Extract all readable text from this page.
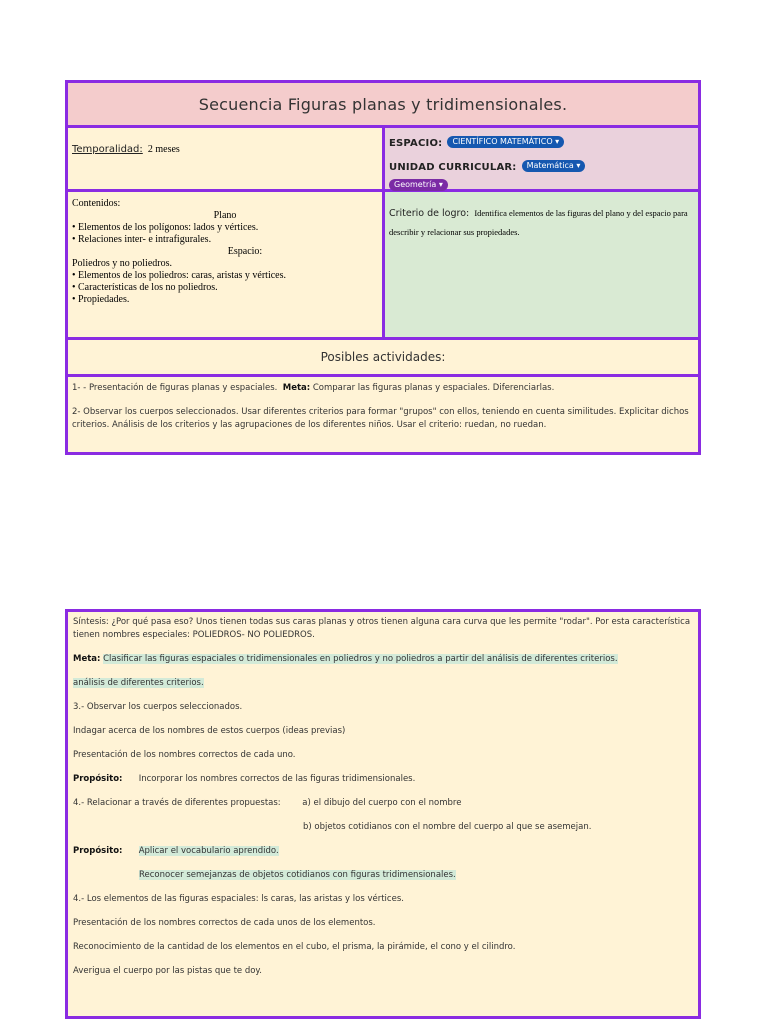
Secuencia Figuras planas y tridimensionales.
Temporalidad: 2 meses
ESPACIO: CIENTÍFICO MATEMÁTICO ▾
UNIDAD CURRICULAR: Matemática ▾
Geometría ▾
Contenidos:
Plano
• Elementos de los polígonos: lados y vértices.
• Relaciones inter- e intrafigurales.
Espacio:
Poliedros y no poliedros.
• Elementos de los poliedros: caras, aristas y vértices.
• Características de los no poliedros.
• Propiedades.
Criterio de logro: Identifica elementos de las figuras del plano y del espacio para describir y relacionar sus propiedades.
Posibles actividades:

1- - Presentación de figuras planas y espaciales. Meta: Comparar las figuras planas y espaciales. Diferenciarlas.

2- Observar los cuerpos seleccionados. Usar diferentes criterios para formar "grupos" con ellos, teniendo en cuenta similitudes. Explicitar dichos criterios. Análisis de los criterios y las agrupaciones de los diferentes niños. Usar el criterio: ruedan, no ruedan.

Síntesis: ¿Por qué pasa eso? Unos tienen todas sus caras planas y otros tienen alguna cara curva que les permite "rodar". Por esta característica tienen nombres especiales: POLIEDROS- NO POLIEDROS.

Meta: Clasificar las figuras espaciales o tridimensionales en poliedros y no poliedros a partir del análisis de diferentes criterios.

análisis de diferentes criterios.

3.- Observar los cuerpos seleccionados.

Indagar acerca de los nombres de estos cuerpos (ideas previas)

Presentación de los nombres correctos de cada uno.

Propósito: Incorporar los nombres correctos de las figuras tridimensionales.

4.- Relacionar a través de diferentes propuestas:	a) el dibujo del cuerpo con el nombre

b) objetos cotidianos con el nombre del cuerpo al que se asemejan.

Propósito: Aplicar el vocabulario aprendido.

Reconocer semejanzas de objetos cotidianos con figuras tridimensionales.

4.- Los elementos de las figuras espaciales: ls caras, las aristas y los vértices.

Presentación de los nombres correctos de cada unos de los elementos.

Reconocimiento de la cantidad de los elementos en el cubo, el prisma, la pirámide, el cono y el cilindro.

Averigua el cuerpo por las pistas que te doy.
